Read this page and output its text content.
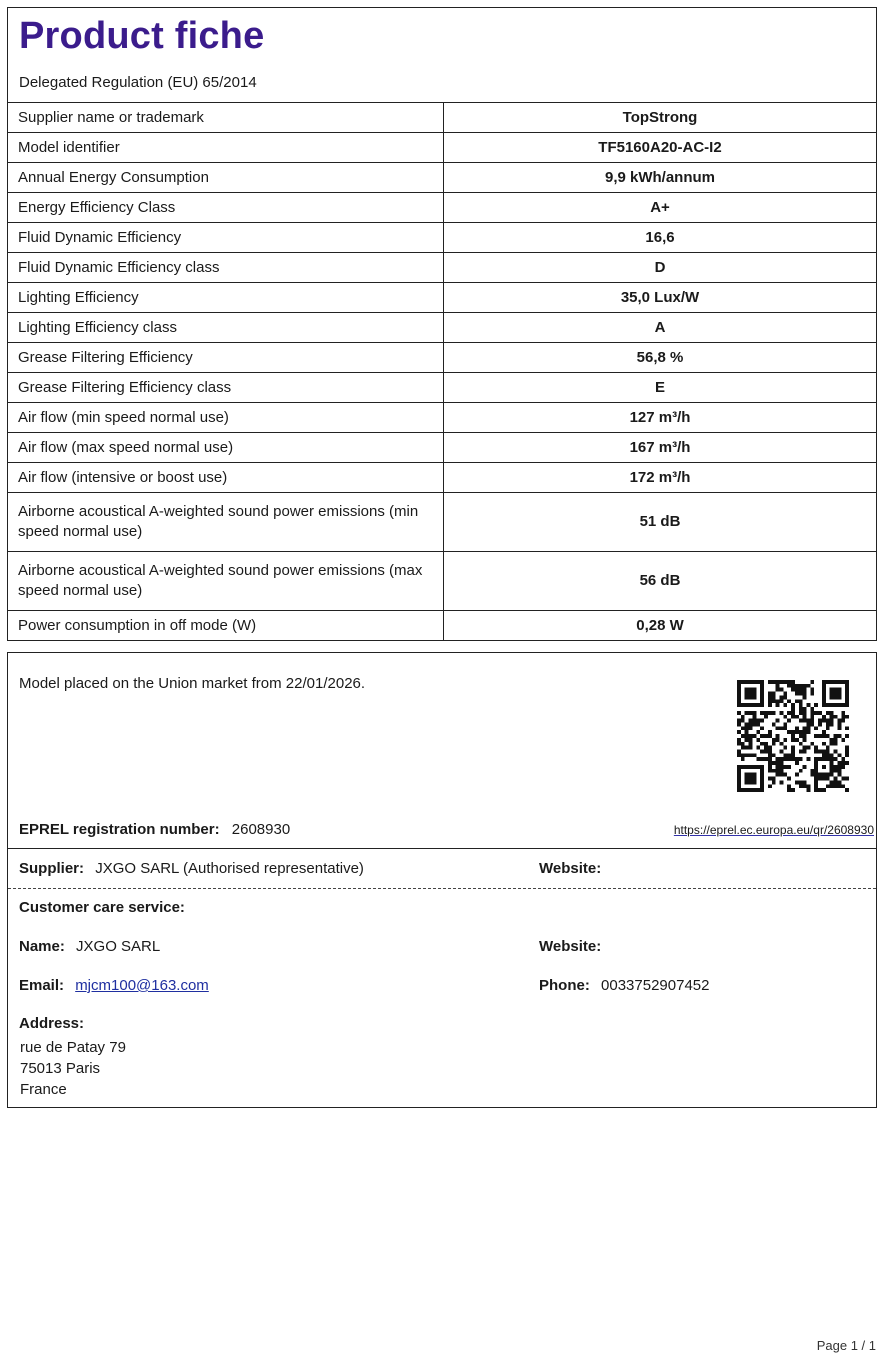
Product fiche
Delegated Regulation (EU) 65/2014
Supplier name or trademark	TopStrong
Model identifier	TF5160A20-AC-I2
Annual Energy Consumption	9,9 kWh/annum
Energy Efficiency Class	A+
Fluid Dynamic Efficiency	16,6
Fluid Dynamic Efficiency class	D
Lighting Efficiency	35,0 Lux/W
Lighting Efficiency class	A
Grease Filtering Efficiency	56,8 %
Grease Filtering Efficiency class	E
Air flow (min speed normal use)	127 m³/h
Air flow (max speed normal use)	167 m³/h
Air flow (intensive or boost use)	172 m³/h
Airborne acoustical A-weighted sound power emissions (min speed normal use)	51 dB
Airborne acoustical A-weighted sound power emissions (max speed normal use)	56 dB
Power consumption in off mode (W)	0,28 W
Model placed on the Union market from 22/01/2026.
EPREL registration number: 2608930	https://eprel.ec.europa.eu/qr/2608930
Supplier: JXGO SARL (Authorised representative)	Website:
Customer care service:
Name: JXGO SARL	Website:
Email: mjcm100@163.com	Phone: 0033752907452
Address:
rue de Patay 79
75013 Paris
France
Page 1 / 1
